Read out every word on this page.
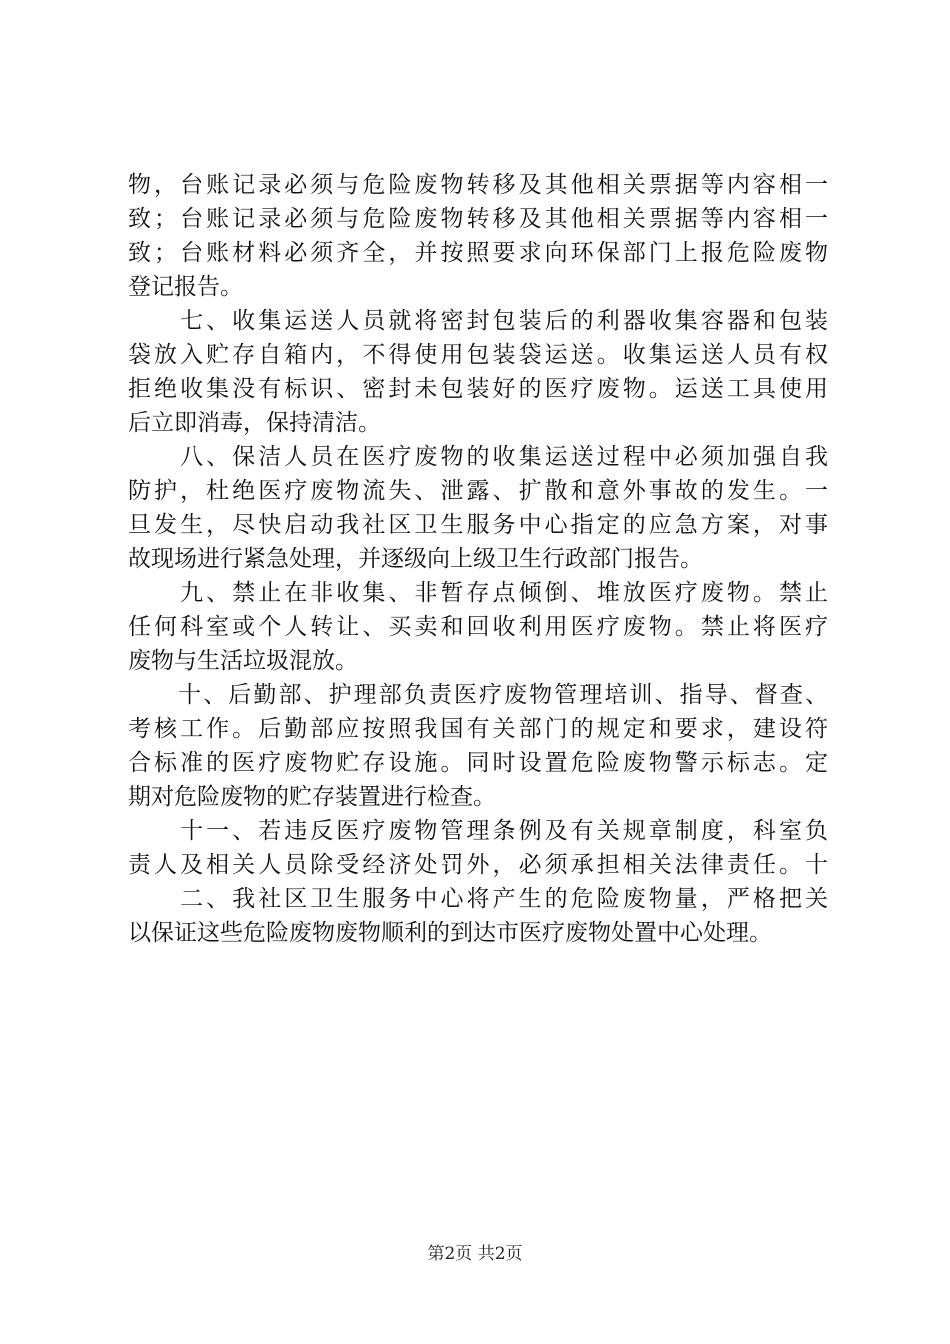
物，台账记录必须与危险废物转移及其他相关票据等内容相一
致；台账记录必须与危险废物转移及其他相关票据等内容相一
致；台账材料必须齐全，并按照要求向环保部门上报危险废物
登记报告。
　　七、收集运送人员就将密封包装后的利器收集容器和包装
袋放入贮存自箱内，不得使用包装袋运送。收集运送人员有权
拒绝收集没有标识、密封未包装好的医疗废物。运送工具使用
后立即消毒，保持清洁。
　　八、保洁人员在医疗废物的收集运送过程中必须加强自我
防护，杜绝医疗废物流失、泄露、扩散和意外事故的发生。一
旦发生，尽快启动我社区卫生服务中心指定的应急方案，对事
故现场进行紧急处理，并逐级向上级卫生行政部门报告。
　　九、禁止在非收集、非暂存点倾倒、堆放医疗废物。禁止
任何科室或个人转让、买卖和回收利用医疗废物。禁止将医疗
废物与生活垃圾混放。
　　十、后勤部、护理部负责医疗废物管理培训、指导、督查、
考核工作。后勤部应按照我国有关部门的规定和要求，建设符
合标准的医疗废物贮存设施。同时设置危险废物警示标志。定
期对危险废物的贮存装置进行检查。
　　十一、若违反医疗废物管理条例及有关规章制度，科室负
责人及相关人员除受经济处罚外，必须承担相关法律责任。十
　　二、我社区卫生服务中心将产生的危险废物量，严格把关
以保证这些危险废物废物顺利的到达市医疗废物处置中心处理。
第2页 共2页
